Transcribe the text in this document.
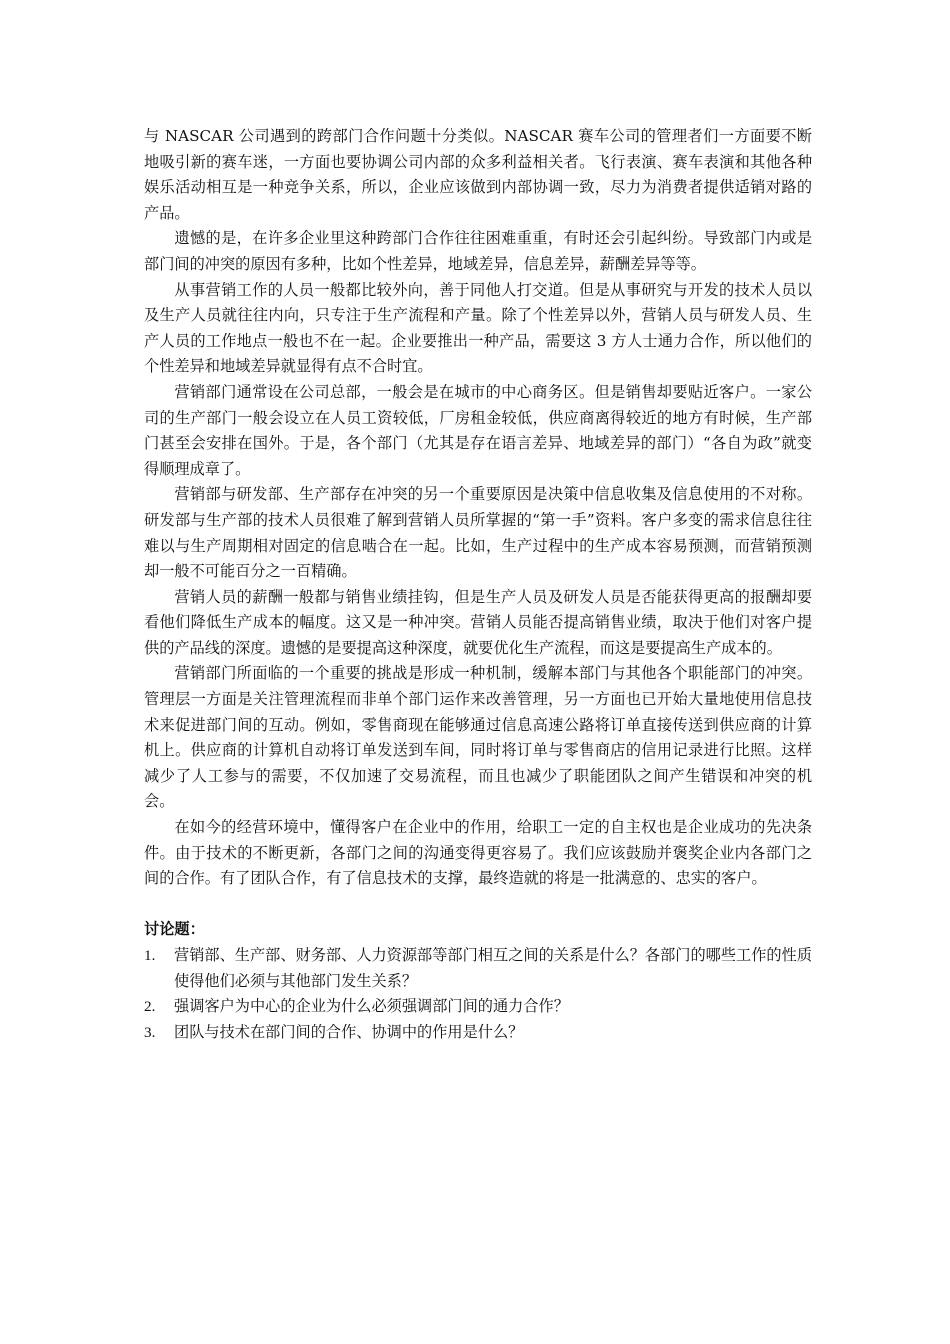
与 NASCAR 公司遇到的跨部门合作问题十分类似。NASCAR 赛车公司的管理者们一方面要不断地吸引新的赛车迷，一方面也要协调公司内部的众多利益相关者。飞行表演、赛车表演和其他各种娱乐活动相互是一种竞争关系，所以，企业应该做到内部协调一致，尽力为消费者提供适销对路的产品。

遗憾的是，在许多企业里这种跨部门合作往往困难重重，有时还会引起纠纷。导致部门内或是部门间的冲突的原因有多种，比如个性差异，地域差异，信息差异，薪酬差异等等。

从事营销工作的人员一般都比较外向，善于同他人打交道。但是从事研究与开发的技术人员以及生产人员就往往内向，只专注于生产流程和产量。除了个性差异以外，营销人员与研发人员、生产人员的工作地点一般也不在一起。企业要推出一种产品，需要这 3 方人士通力合作，所以他们的个性差异和地域差异就显得有点不合时宜。

营销部门通常设在公司总部，一般会是在城市的中心商务区。但是销售却要贴近客户。一家公司的生产部门一般会设立在人员工资较低，厂房租金较低，供应商离得较近的地方有时候，生产部门甚至会安排在国外。于是，各个部门（尤其是存在语言差异、地域差异的部门）“各自为政”就变得顺理成章了。

营销部与研发部、生产部存在冲突的另一个重要原因是决策中信息收集及信息使用的不对称。研发部与生产部的技术人员很难了解到营销人员所掌握的“第一手”资料。客户多变的需求信息往往难以与生产周期相对固定的信息啮合在一起。比如，生产过程中的生产成本容易预测，而营销预测却一般不可能百分之一百精确。

营销人员的薪酬一般都与销售业绩挂钩，但是生产人员及研发人员是否能获得更高的报酬却要看他们降低生产成本的幅度。这又是一种冲突。营销人员能否提高销售业绩，取决于他们对客户提供的产品线的深度。遗憾的是要提高这种深度，就要优化生产流程，而这是要提高生产成本的。

营销部门所面临的一个重要的挑战是形成一种机制，缓解本部门与其他各个职能部门的冲突。管理层一方面是关注管理流程而非单个部门运作来改善管理，另一方面也已开始大量地使用信息技术来促进部门间的互动。例如，零售商现在能够通过信息高速公路将订单直接传送到供应商的计算机上。供应商的计算机自动将订单发送到车间，同时将订单与零售商店的信用记录进行比照。这样减少了人工参与的需要，不仅加速了交易流程，而且也减少了职能团队之间产生错误和冲突的机会。

在如今的经营环境中，懂得客户在企业中的作用，给职工一定的自主权也是企业成功的先决条件。由于技术的不断更新，各部门之间的沟通变得更容易了。我们应该鼓励并褒奖企业内各部门之间的合作。有了团队合作，有了信息技术的支撑，最终造就的将是一批满意的、忠实的客户。

讨论题：

1.	营销部、生产部、财务部、人力资源部等部门相互之间的关系是什么？各部门的哪些工作的性质使得他们必须与其他部门发生关系？
2.	强调客户为中心的企业为什么必须强调部门间的通力合作？
3.	团队与技术在部门间的合作、协调中的作用是什么？
